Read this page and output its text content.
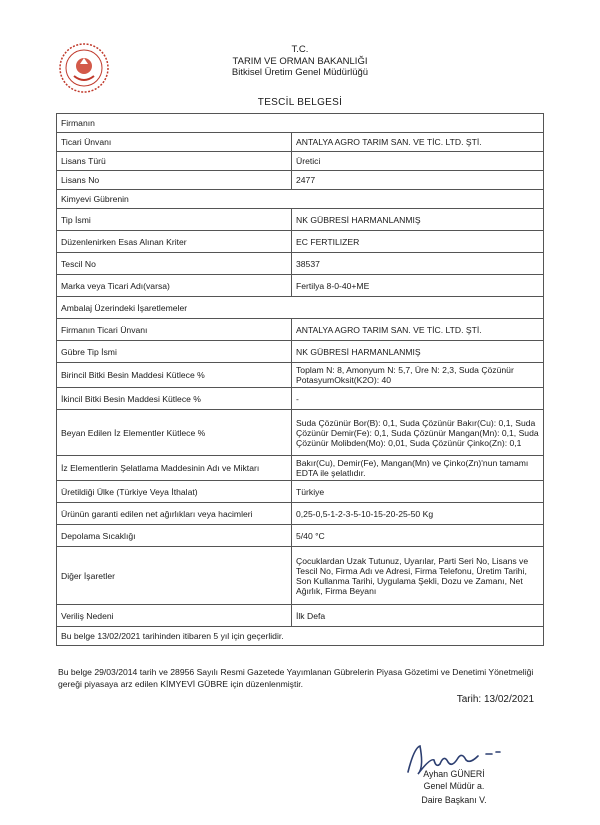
T.C.
TARIM VE ORMAN BAKANLIĞI
Bitkisel Üretim Genel Müdürlüğü
TESCİL BELGESİ
Firmanın	
Ticari Ünvanı	ANTALYA AGRO TARIM SAN. VE TİC. LTD. ŞTİ.
Lisans Türü	Üretici
Lisans No	2477
Kimyevi Gübrenin	
Tip İsmi	NK GÜBRESİ HARMANLANMIŞ
Düzenlenirken Esas Alınan Kriter	EC FERTILIZER
Tescil No	38537
Marka veya Ticari Adı(varsa)	Fertilya 8-0-40+ME
Ambalaj Üzerindeki İşaretlemeler	
Firmanın Ticari Ünvanı	ANTALYA AGRO TARIM SAN. VE TİC. LTD. ŞTİ.
Gübre Tip İsmi	NK GÜBRESİ HARMANLANMIŞ
Birincil Bitki Besin Maddesi Kütlece %	Toplam N: 8, Amonyum N: 5,7, Üre N: 2,3, Suda Çözünür PotasyumOksit(K2O): 40
İkincil Bitki Besin Maddesi Kütlece %	-
Beyan Edilen İz Elementler Kütlece %	Suda Çözünür Bor(B): 0,1, Suda Çözünür Bakır(Cu): 0,1, Suda Çözünür Demir(Fe): 0,1, Suda Çözünür Mangan(Mn): 0,1, Suda Çözünür Molibden(Mo): 0,01, Suda Çözünür Çinko(Zn): 0,1
İz Elementlerin Şelatlama Maddesinin Adı ve Miktarı	Bakır(Cu), Demir(Fe), Mangan(Mn) ve Çinko(Zn)'nun tamamı EDTA ile şelatlıdır.
Üretildiği Ülke (Türkiye Veya İthalat)	Türkiye
Ürünün garanti edilen net ağırlıkları veya hacimleri	0,25-0,5-1-2-3-5-10-15-20-25-50 Kg
Depolama Sıcaklığı	5/40 °C
Diğer İşaretler	Çocuklardan Uzak Tutunuz, Uyarılar, Parti Seri No, Lisans ve Tescil No, Firma Adı ve Adresi, Firma Telefonu, Üretim Tarihi, Son Kullanma Tarihi, Uygulama Şekli, Dozu ve Zamanı, Net Ağırlık, Firma Beyanı
Veriliş Nedeni	İlk Defa
Bu belge 13/02/2021 tarihinden itibaren 5 yıl için geçerlidir.	
Bu belge 29/03/2014 tarih ve 28956 Sayılı Resmi Gazetede Yayımlanan Gübrelerin Piyasa Gözetimi ve Denetimi Yönetmeliği gereği piyasaya arz edilen KİMYEVİ GÜBRE için düzenlenmiştir.
Tarih: 13/02/2021
Ayhan GÜNERİ
Genel Müdür a.
Daire Başkanı V.
